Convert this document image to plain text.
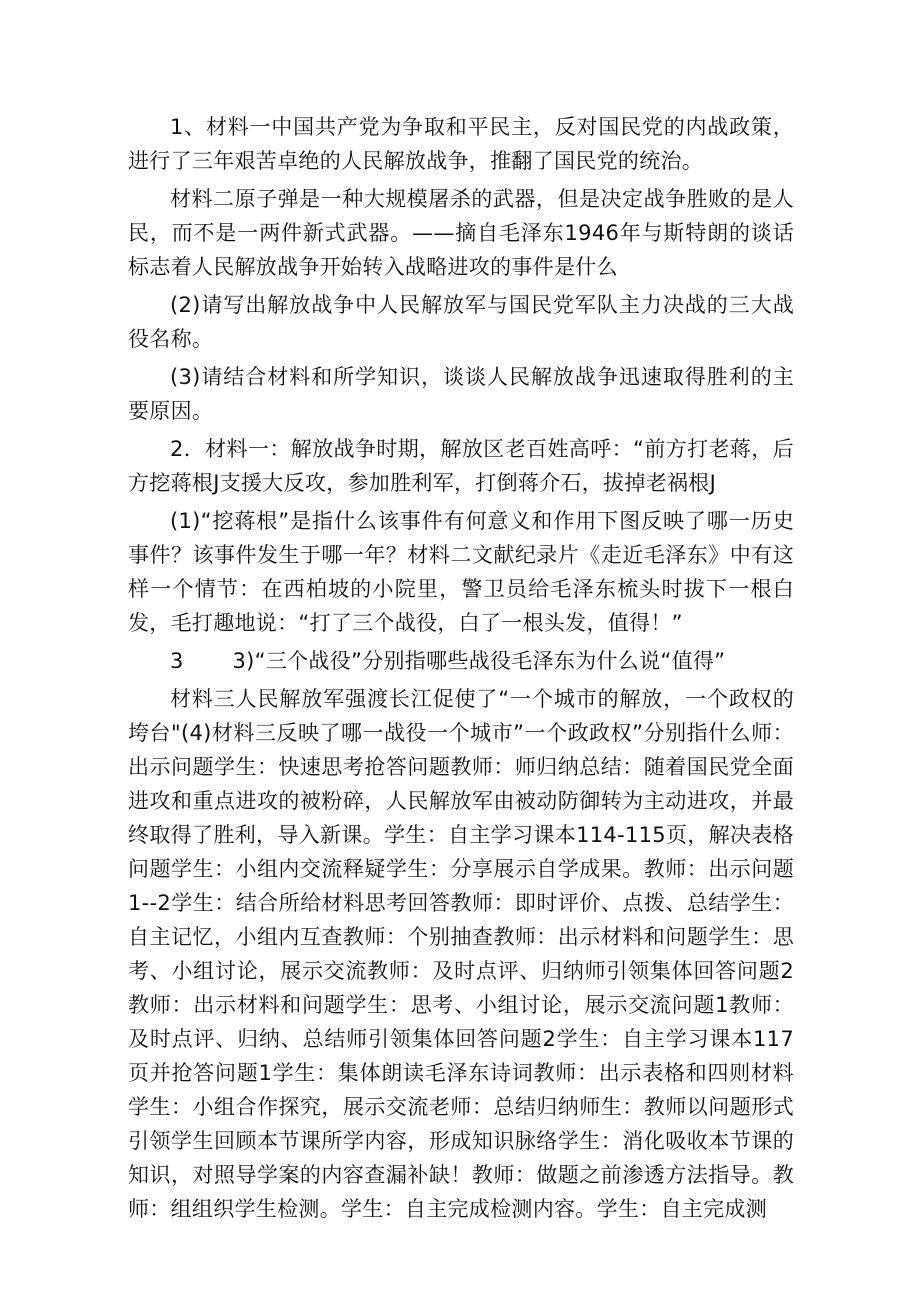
1、材料一中国共产党为争取和平民主，反对国民党的内战政策，进行了三年艰苦卓绝的人民解放战争，推翻了国民党的统治。

材料二原子弹是一种大规模屠杀的武器，但是决定战争胜败的是人民，而不是一两件新式武器。——摘自毛泽东1946年与斯特朗的谈话标志着人民解放战争开始转入战略进攻的事件是什么

(2)请写出解放战争中人民解放军与国民党军队主力决战的三大战役名称。

(3)请结合材料和所学知识，谈谈人民解放战争迅速取得胜利的主要原因。

2．材料一：解放战争时期，解放区老百姓高呼：“前方打老蒋，后方挖蒋根J支援大反攻，参加胜利军，打倒蒋介石，拔掉老祸根J

(1)“挖蒋根”是指什么该事件有何意义和作用下图反映了哪一历史事件？该事件发生于哪一年？材料二文献纪录片《走近毛泽东》中有这样一个情节：在西柏坡的小院里，警卫员给毛泽东梳头时拔下一根白发，毛打趣地说：“打了三个战役，白了一根头发，值得！”

3       3)“三个战役”分别指哪些战役毛泽东为什么说“值得”

材料三人民解放军强渡长江促使了“一个城市的解放，一个政权的垮台"(4)材料三反映了哪一战役一个城市”一个政政权”分别指什么师：出示问题学生：快速思考抢答问题教师：师归纳总结：随着国民党全面进攻和重点进攻的被粉碎，人民解放军由被动防御转为主动进攻，并最终取得了胜利，导入新课。学生：自主学习课本114-115页，解决表格问题学生：小组内交流释疑学生：分享展示自学成果。教师：出示问题1--2学生：结合所给材料思考回答教师：即时评价、点拨、总结学生：自主记忆，小组内互查教师：个别抽查教师：出示材料和问题学生：思考、小组讨论，展示交流教师：及时点评、归纳师引领集体回答问题2教师：出示材料和问题学生：思考、小组讨论，展示交流问题1教师：及时点评、归纳、总结师引领集体回答问题2学生：自主学习课本117页并抢答问题1学生：集体朗读毛泽东诗词教师：出示表格和四则材料学生：小组合作探究，展示交流老师：总结归纳师生：教师以问题形式引领学生回顾本节课所学内容，形成知识脉络学生：消化吸收本节课的知识，对照导学案的内容查漏补缺！教师：做题之前渗透方法指导。教师：组组织学生检测。学生：自主完成检测内容。学生：自主完成测
